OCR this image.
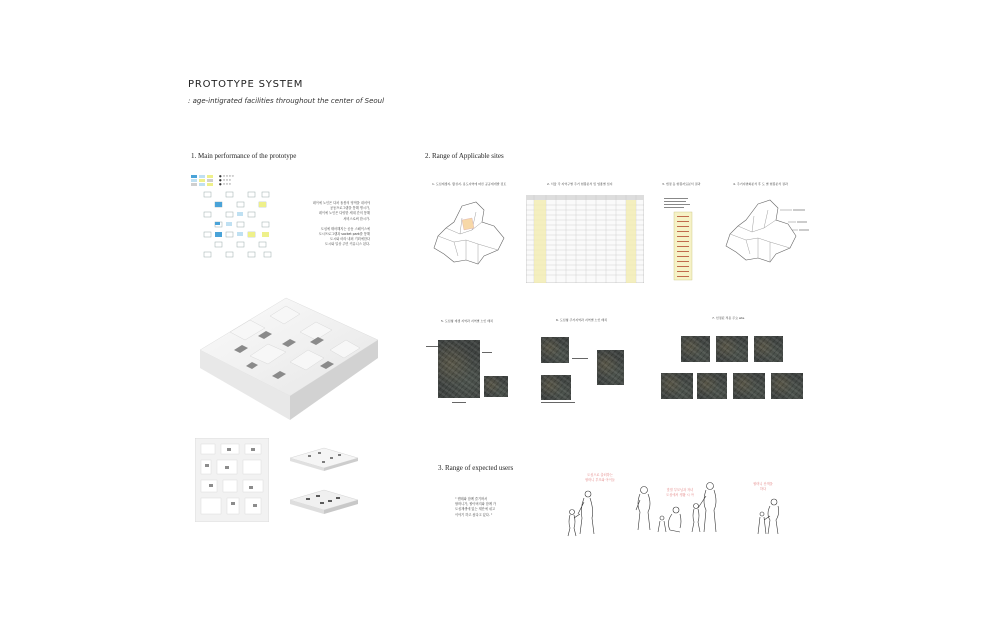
PROTOTYPE SYSTEM
: age-intigrated facilities throughout the center of Seoul
1. Main performance of the prototype	2. Range of Applicable sites
3. Range of expected users
● ㅇㅇㅇㅇ
● ㅇㅇㅇ
● ㅇㅇㅇ
데이에 노인은 다차 돌봄의 영역을 내어야
공동프로그램을 통해 명시가,
데이에 노인은 다양한 세대 간의 통해
서비스로써 한시가.
도심에 태어해지는 공동 스페이스에
도시프로그램과 socket park를 통해
도시와 마라 내외 기회에한다
도시와 일상 주민 커뮤니스 된다.
1. 도심재생지, 활성지, 용도지역에 따른 공공재개발 검토	2. 서울 각 지역구별 주거 현황분석 및 업종별 입지	3. 법정 동 현황자료분석 결과	4. 주거지변화분석 후 도 별 현황분석 결과
5. 도심형 재생 지역과 지역별 노인 배치	6. 도심형 주거지역과 지역별 노인 배치	7. 선정된 적용 주요 site
" 핸테와 함께 즐기며서
할머니가, 할아버지와 함께 가
도심재생에 있는 재단에 쉬고
이야기 하고 싶다고 있다. "
도심으로 출퇴하는
할머니 부모와 아이들
맞벌 부모님과 자녀
도심에서 생활 시 아
할머니 산책을
하다
